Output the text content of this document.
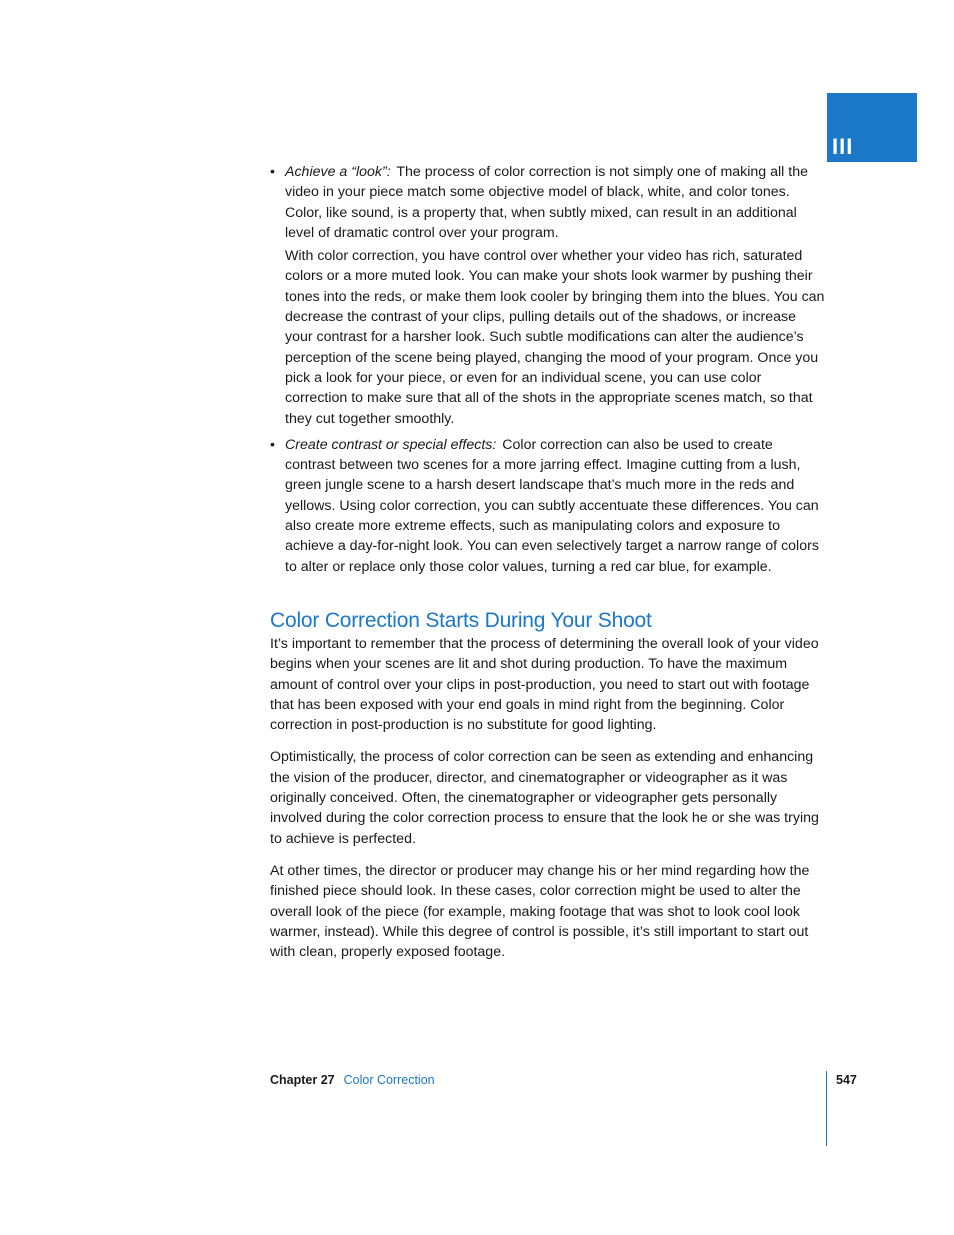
III
• Achieve a “look”: The process of color correction is not simply one of making all the video in your piece match some objective model of black, white, and color tones. Color, like sound, is a property that, when subtly mixed, can result in an additional level of dramatic control over your program.

With color correction, you have control over whether your video has rich, saturated colors or a more muted look. You can make your shots look warmer by pushing their tones into the reds, or make them look cooler by bringing them into the blues. You can decrease the contrast of your clips, pulling details out of the shadows, or increase your contrast for a harsher look. Such subtle modifications can alter the audience’s perception of the scene being played, changing the mood of your program. Once you pick a look for your piece, or even for an individual scene, you can use color correction to make sure that all of the shots in the appropriate scenes match, so that they cut together smoothly.

• Create contrast or special effects: Color correction can also be used to create contrast between two scenes for a more jarring effect. Imagine cutting from a lush, green jungle scene to a harsh desert landscape that’s much more in the reds and yellows. Using color correction, you can subtly accentuate these differences. You can also create more extreme effects, such as manipulating colors and exposure to achieve a day-for-night look. You can even selectively target a narrow range of colors to alter or replace only those color values, turning a red car blue, for example.

Color Correction Starts During Your Shoot

It’s important to remember that the process of determining the overall look of your video begins when your scenes are lit and shot during production. To have the maximum amount of control over your clips in post-production, you need to start out with footage that has been exposed with your end goals in mind right from the beginning. Color correction in post-production is no substitute for good lighting.

Optimistically, the process of color correction can be seen as extending and enhancing the vision of the producer, director, and cinematographer or videographer as it was originally conceived. Often, the cinematographer or videographer gets personally involved during the color correction process to ensure that the look he or she was trying to achieve is perfected.

At other times, the director or producer may change his or her mind regarding how the finished piece should look. In these cases, color correction might be used to alter the overall look of the piece (for example, making footage that was shot to look cool look warmer, instead). While this degree of control is possible, it’s still important to start out with clean, properly exposed footage.

Chapter 27 Color Correction	547
